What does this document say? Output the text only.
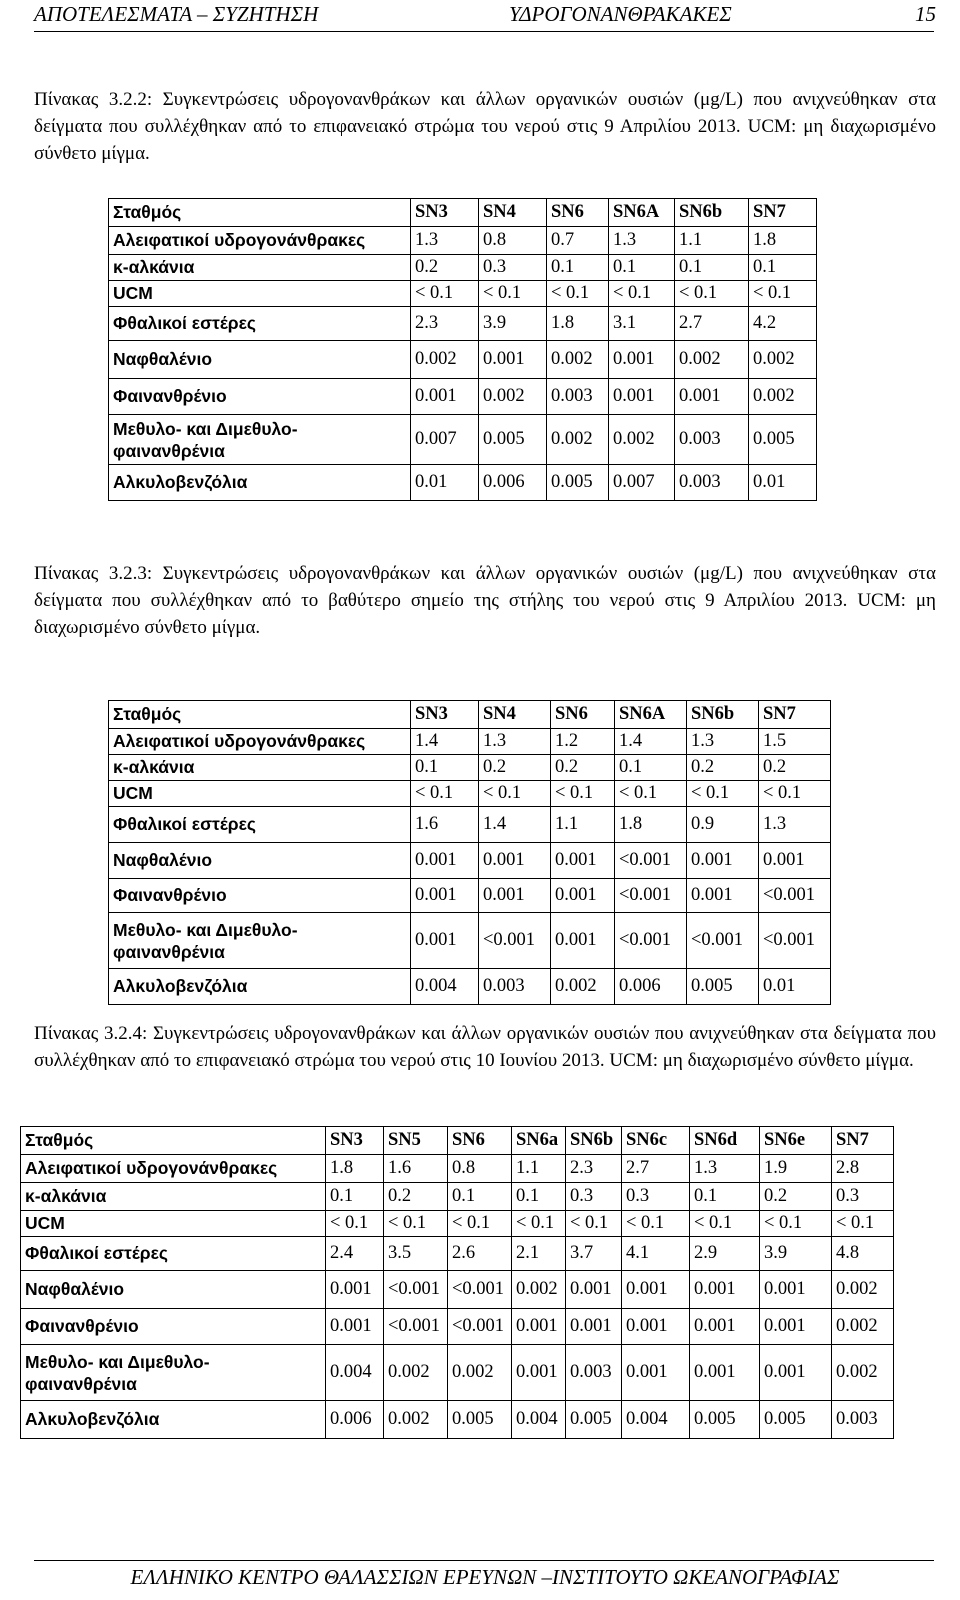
ΑΠΟΤΕΛΕΣΜΑΤΑ – ΣΥΖΗΤΗΣΗ	ΥΔΡΟΓΟΝΑΝΘΡΑΚΑΚΕΣ	15
Πίνακας 3.2.2: Συγκεντρώσεις υδρογονανθράκων και άλλων οργανικών ουσιών (μg/L) που ανιχνεύθηκαν στα δείγματα που συλλέχθηκαν από το επιφανειακό στρώμα του νερού στις 9 Απριλίου 2013. UCM: μη διαχωρισμένο σύνθετο μίγμα.
Σταθμός	SN3	SN4	SN6	SN6A	SN6b	SN7
Αλειφατικοί υδρογονάνθρακες	1.3	0.8	0.7	1.3	1.1	1.8
κ-αλκάνια	0.2	0.3	0.1	0.1	0.1	0.1
UCM	< 0.1	< 0.1	< 0.1	< 0.1	< 0.1	< 0.1
Φθαλικοί εστέρες	2.3	3.9	1.8	3.1	2.7	4.2
Ναφθαλένιο	0.002	0.001	0.002	0.001	0.002	0.002
Φαινανθρένιο	0.001	0.002	0.003	0.001	0.001	0.002
Μεθυλο- και Διμεθυλο-φαινανθρένια	0.007	0.005	0.002	0.002	0.003	0.005
Αλκυλοβενζόλια	0.01	0.006	0.005	0.007	0.003	0.01
Πίνακας 3.2.3: Συγκεντρώσεις υδρογονανθράκων και άλλων οργανικών ουσιών (μg/L) που ανιχνεύθηκαν στα δείγματα που συλλέχθηκαν από το βαθύτερο σημείο της στήλης του νερού στις 9 Απριλίου 2013. UCM: μη διαχωρισμένο σύνθετο μίγμα.
Σταθμός	SN3	SN4	SN6	SN6A	SN6b	SN7
Αλειφατικοί υδρογονάνθρακες	1.4	1.3	1.2	1.4	1.3	1.5
κ-αλκάνια	0.1	0.2	0.2	0.1	0.2	0.2
UCM	< 0.1	< 0.1	< 0.1	< 0.1	< 0.1	< 0.1
Φθαλικοί εστέρες	1.6	1.4	1.1	1.8	0.9	1.3
Ναφθαλένιο	0.001	0.001	0.001	<0.001	0.001	0.001
Φαινανθρένιο	0.001	0.001	0.001	<0.001	0.001	<0.001
Μεθυλο- και Διμεθυλο-φαινανθρένια	0.001	<0.001	0.001	<0.001	<0.001	<0.001
Αλκυλοβενζόλια	0.004	0.003	0.002	0.006	0.005	0.01
Πίνακας 3.2.4: Συγκεντρώσεις υδρογονανθράκων και άλλων οργανικών ουσιών που ανιχνεύθηκαν στα δείγματα που συλλέχθηκαν από το επιφανειακό στρώμα του νερού στις 10 Ιουνίου 2013. UCM: μη διαχωρισμένο σύνθετο μίγμα.
Σταθμός	SN3	SN5	SN6	SN6a	SN6b	SN6c	SN6d	SN6e	SN7
Αλειφατικοί υδρογονάνθρακες	1.8	1.6	0.8	1.1	2.3	2.7	1.3	1.9	2.8
κ-αλκάνια	0.1	0.2	0.1	0.1	0.3	0.3	0.1	0.2	0.3
UCM	< 0.1	< 0.1	< 0.1	< 0.1	< 0.1	< 0.1	< 0.1	< 0.1	< 0.1
Φθαλικοί εστέρες	2.4	3.5	2.6	2.1	3.7	4.1	2.9	3.9	4.8
Ναφθαλένιο	0.001	<0.001	<0.001	0.002	0.001	0.001	0.001	0.001	0.002
Φαινανθρένιο	0.001	<0.001	<0.001	0.001	0.001	0.001	0.001	0.001	0.002
Μεθυλο- και Διμεθυλο-φαινανθρένια	0.004	0.002	0.002	0.001	0.003	0.001	0.001	0.001	0.002
Αλκυλοβενζόλια	0.006	0.002	0.005	0.004	0.005	0.004	0.005	0.005	0.003
ΕΛΛΗΝΙΚΟ ΚΕΝΤΡΟ ΘΑΛΑΣΣΙΩΝ ΕΡΕΥΝΩΝ –ΙΝΣΤΙΤΟΥΤΟ ΩΚΕΑΝΟΓΡΑΦΙΑΣ
